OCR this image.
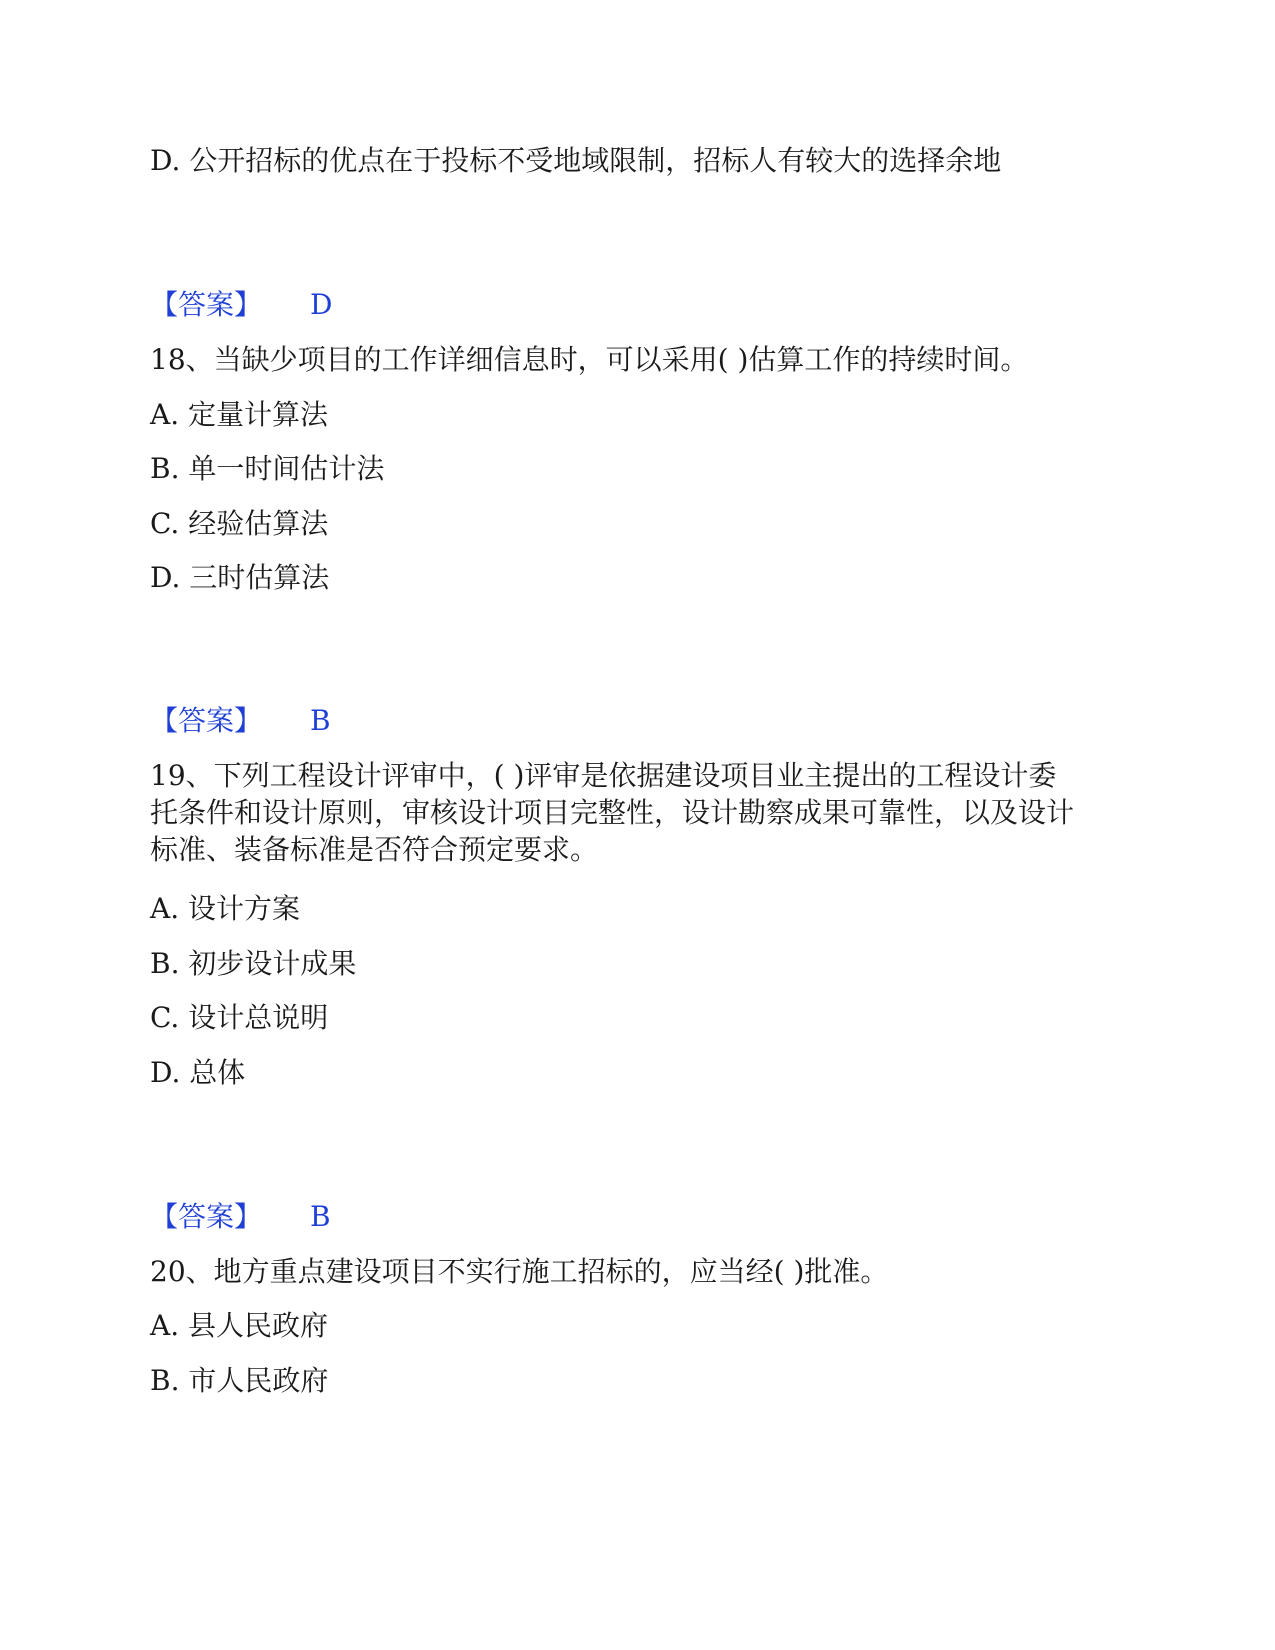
D. 公开招标的优点在于投标不受地域限制，招标人有较大的选择余地
【答案】 D
18、当缺少项目的工作详细信息时，可以采用( )估算工作的持续时间。
A. 定量计算法
B. 单一时间估计法
C. 经验估算法
D. 三时估算法
【答案】 B
19、下列工程设计评审中，( )评审是依据建设项目业主提出的工程设计委
托条件和设计原则，审核设计项目完整性，设计勘察成果可靠性，以及设计
标准、装备标准是否符合预定要求。
A. 设计方案
B. 初步设计成果
C. 设计总说明
D. 总体
【答案】 B
20、地方重点建设项目不实行施工招标的，应当经( )批准。
A. 县人民政府
B. 市人民政府
